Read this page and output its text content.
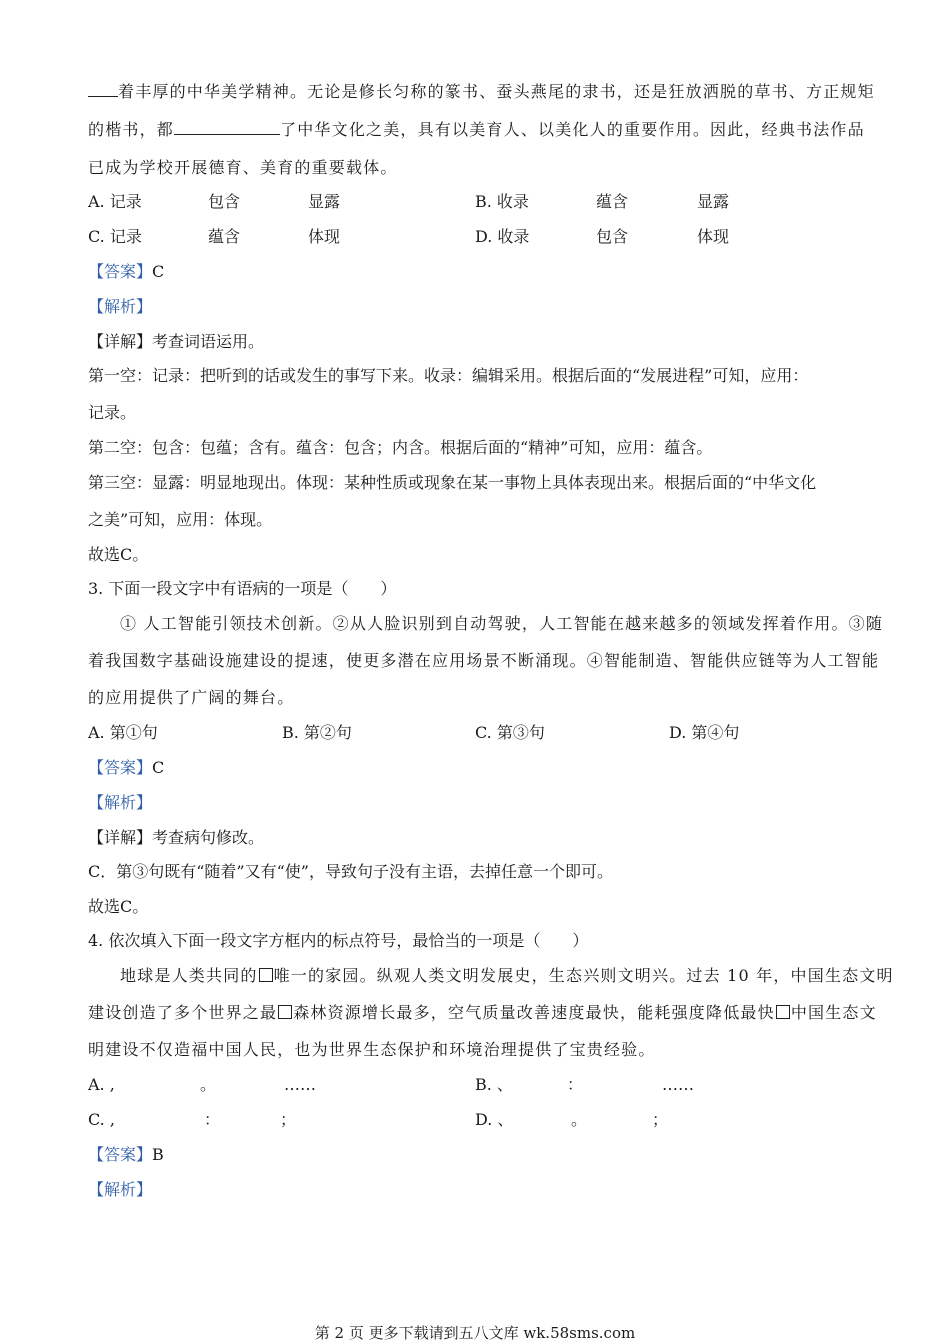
着丰厚的中华美学精神。无论是修长匀称的篆书、蚕头燕尾的隶书，还是狂放洒脱的草书、方正规矩
的楷书，都	了中华文化之美，具有以美育人、以美化人的重要作用。因此，经典书法作品
已成为学校开展德育、美育的重要载体。
A. 记录	包含	显露	B. 收录	蕴含	显露
C. 记录	蕴含	体现	D. 收录	包含	体现
【答案】C
【解析】
【详解】考查词语运用。
第一空：记录：把听到的话或发生的事写下来。收录：编辑采用。根据后面的“发展进程”可知，应用：
记录。
第二空：包含：包蕴；含有。蕴含：包含；内含。根据后面的“精神”可知，应用：蕴含。
第三空：显露：明显地现出。体现：某种性质或现象在某一事物上具体表现出来。根据后面的“中华文化
之美”可知，应用：体现。
故选C。
3. 下面一段文字中有语病的一项是（　　）
① 人工智能引领技术创新。②从人脸识别到自动驾驶，人工智能在越来越多的领域发挥着作用。③随
着我国数字基础设施建设的提速，使更多潜在应用场景不断涌现。④智能制造、智能供应链等为人工智能
的应用提供了广阔的舞台。
A. 第①句	B. 第②句	C. 第③句	D. 第④句
【答案】C
【解析】
【详解】考查病句修改。
C．第③句既有“随着”又有“使”，导致句子没有主语，去掉任意一个即可。
故选C。
4. 依次填入下面一段文字方框内的标点符号，最恰当的一项是（　　）
地球是人类共同的 唯一的家园。纵观人类文明发展史，生态兴则文明兴。过去 10 年，中国生态文明
建设创造了多个世界之最 森林资源增长最多，空气质量改善速度最快，能耗强度降低最快 中国生态文
明建设不仅造福中国人民，也为世界生态保护和环境治理提供了宝贵经验。
A. ,	。	……	B. 、	：	……
C. ,	：	；	D. 、	。	；
【答案】B
【解析】
第 2 页 更多下载请到五八文库 wk.58sms.com
